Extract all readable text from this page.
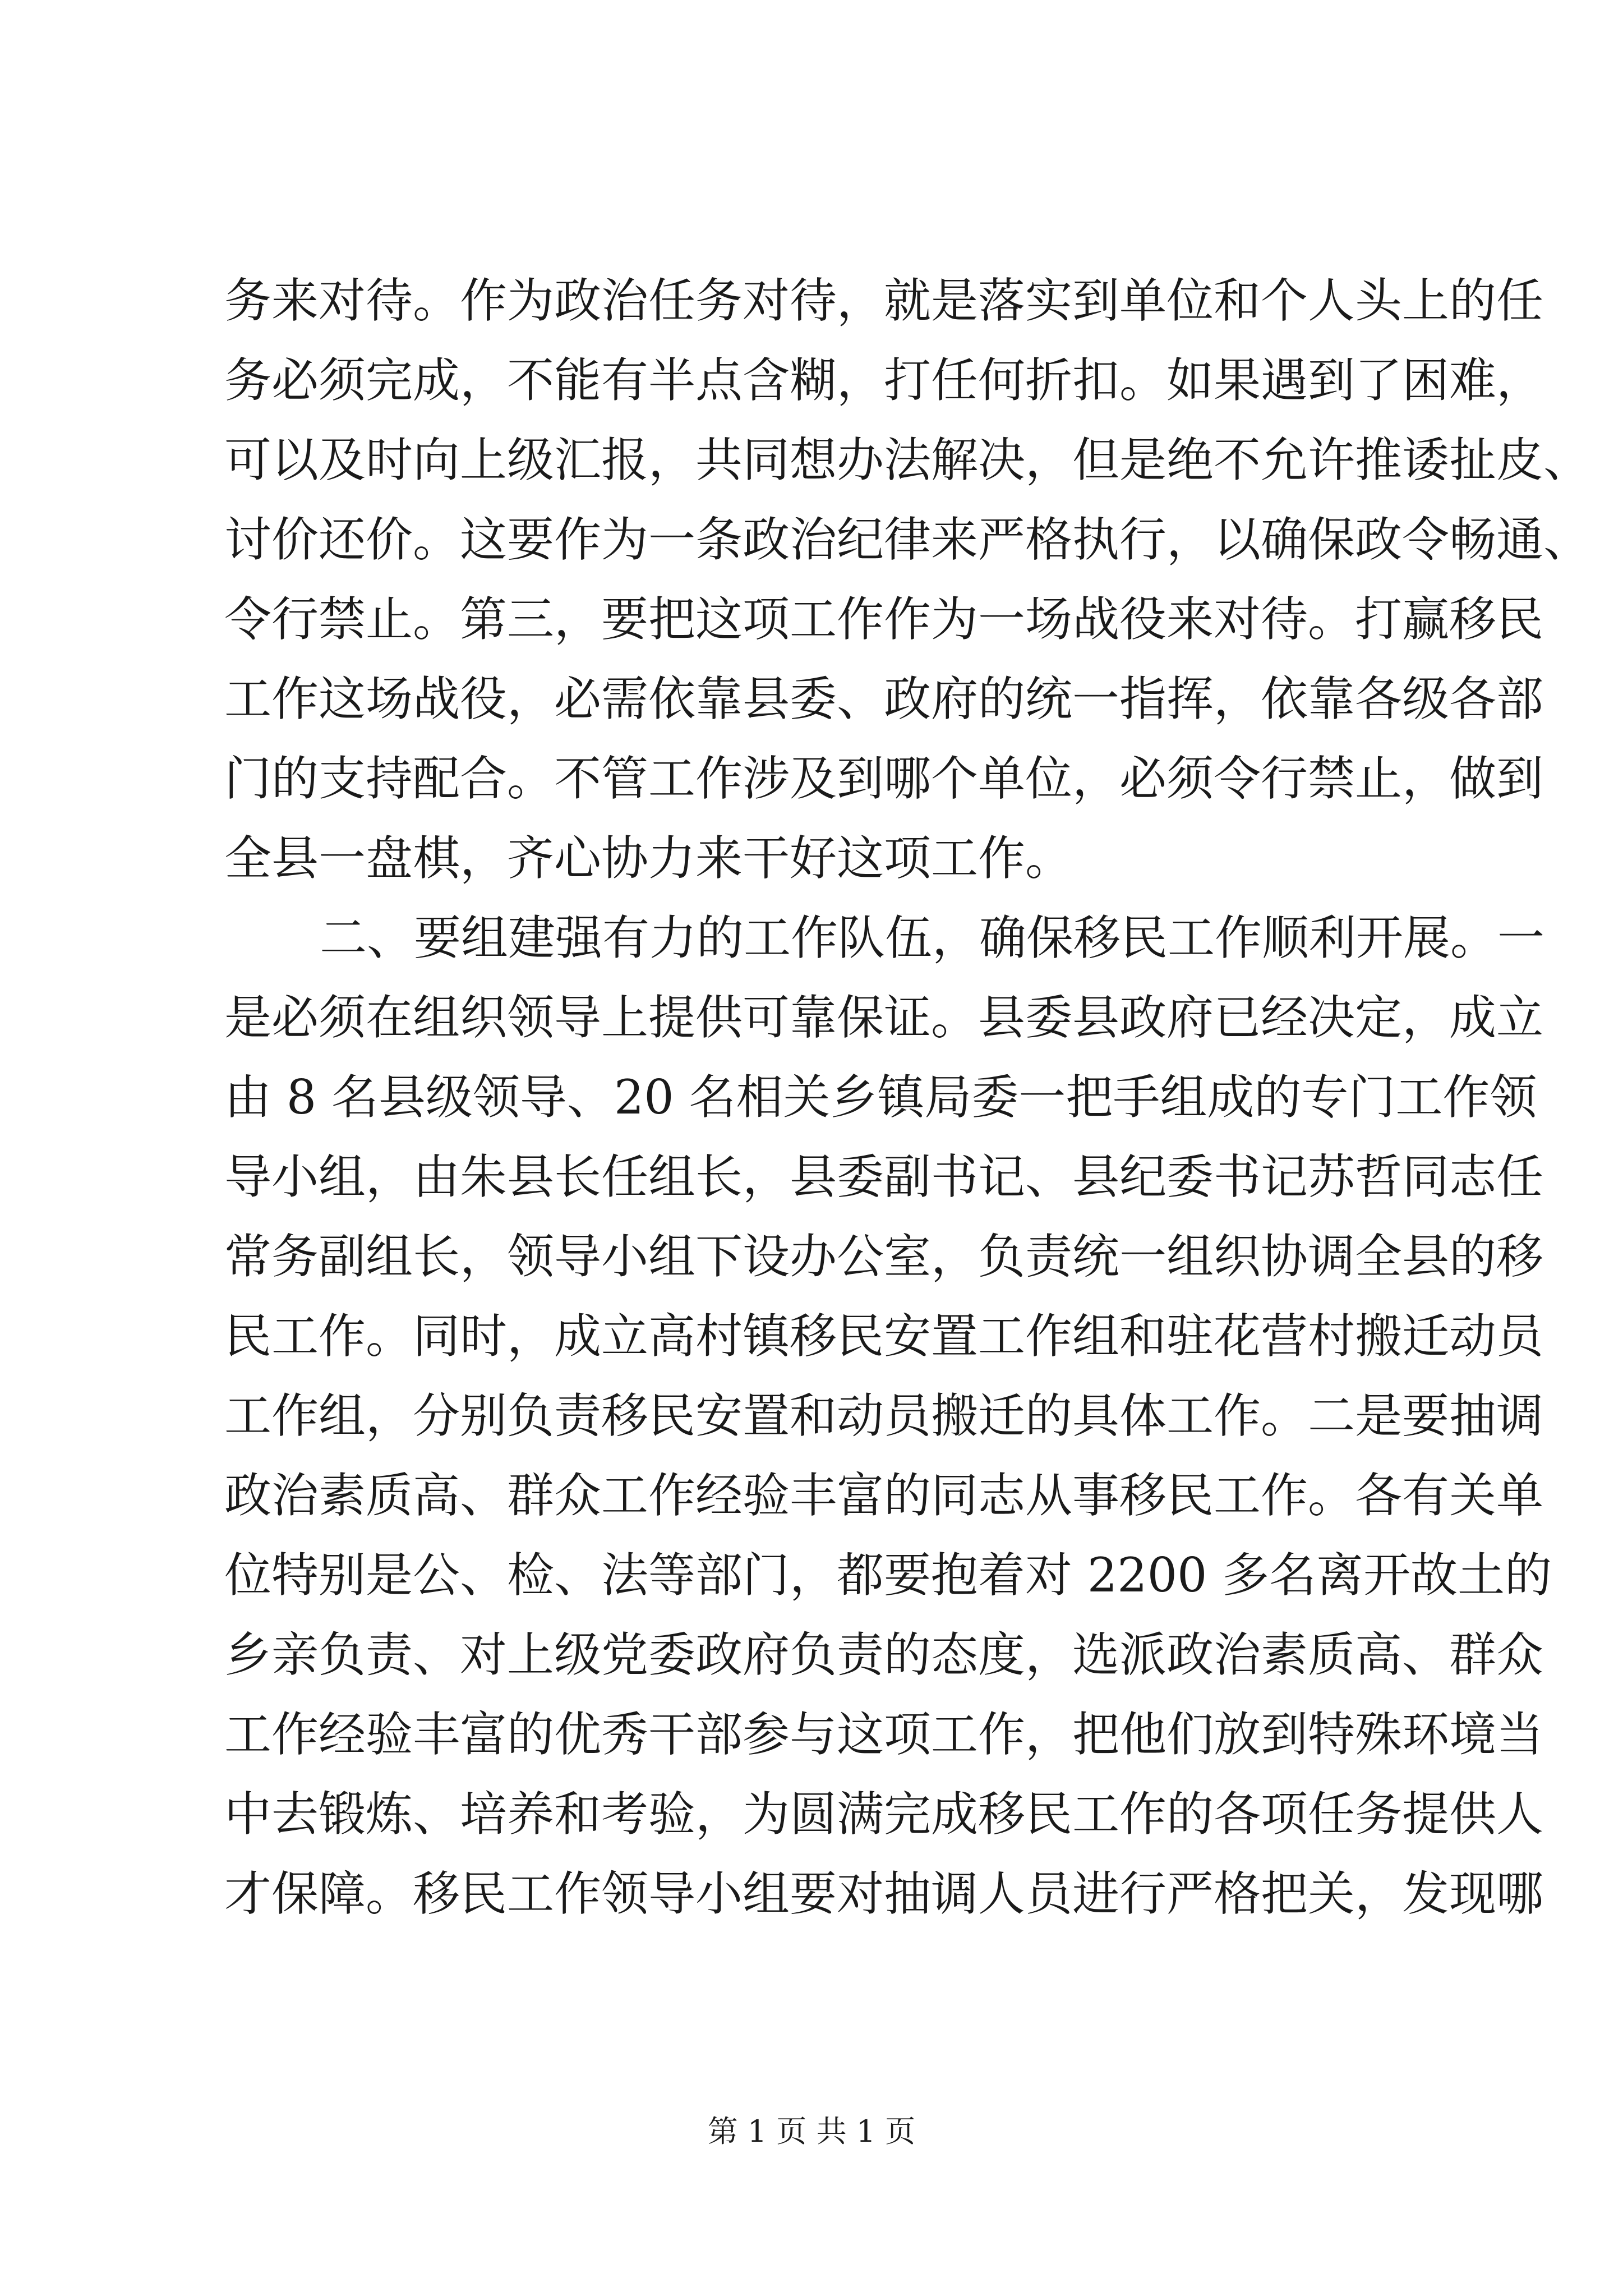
务来对待。作为政治任务对待，就是落实到单位和个人头上的任
务必须完成，不能有半点含糊，打任何折扣。如果遇到了困难，
可以及时向上级汇报，共同想办法解决，但是绝不允许推诿扯皮、
讨价还价。这要作为一条政治纪律来严格执行，以确保政令畅通、
令行禁止。第三，要把这项工作作为一场战役来对待。打赢移民
工作这场战役，必需依靠县委、政府的统一指挥，依靠各级各部
门的支持配合。不管工作涉及到哪个单位，必须令行禁止，做到
全县一盘棋，齐心协力来干好这项工作。
二、要组建强有力的工作队伍，确保移民工作顺利开展。一
是必须在组织领导上提供可靠保证。县委县政府已经决定，成立
由 8 名县级领导、20 名相关乡镇局委一把手组成的专门工作领
导小组，由朱县长任组长，县委副书记、县纪委书记苏哲同志任
常务副组长，领导小组下设办公室，负责统一组织协调全县的移
民工作。同时，成立高村镇移民安置工作组和驻花营村搬迁动员
工作组，分别负责移民安置和动员搬迁的具体工作。二是要抽调
政治素质高、群众工作经验丰富的同志从事移民工作。各有关单
位特别是公、检、法等部门，都要抱着对 2200 多名离开故土的
乡亲负责、对上级党委政府负责的态度，选派政治素质高、群众
工作经验丰富的优秀干部参与这项工作，把他们放到特殊环境当
中去锻炼、培养和考验，为圆满完成移民工作的各项任务提供人
才保障。移民工作领导小组要对抽调人员进行严格把关，发现哪
第 1 页 共 1 页
